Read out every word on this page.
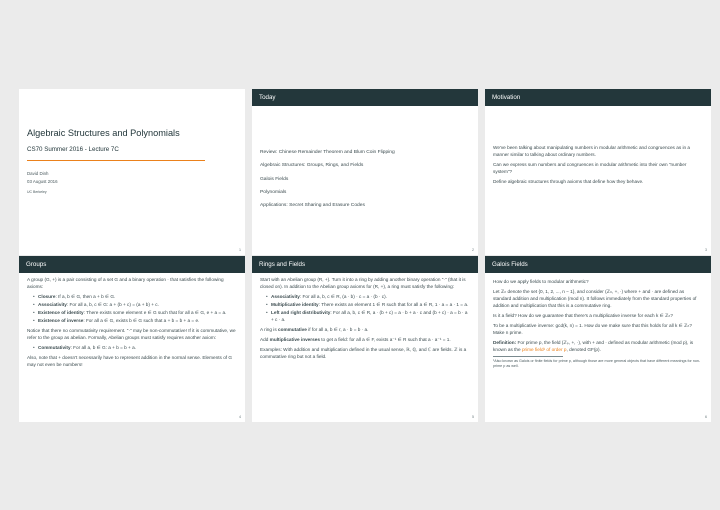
Algebraic Structures and Polynomials
CS70 Summer 2016 - Lecture 7C
David Dinh
03 August 2016
UC Berkeley
1
Today
Review: Chinese Remainder Theorem and Blum Coin Flipping
Algebraic Structures: Groups, Rings, and Fields
Galois Fields
Polynomials
Applications: Secret Sharing and Erasure Codes
2
Motivation

We've been talking about manipulating numbers in modular arithmetic and congruences as in a manner similar to talking about ordinary numbers.

Can we express sum numbers and congruences in modular arithmetic into their own "number system"?

Define algebraic structures through axioms that define how they behave.

3
Groups

A group (G, +) is a pair consisting of a set G and a binary operation · that satisfies the following axioms:

• Closure: If a, b ∈ G, then a + b ∈ G.
• Associativity: For all a, b, c ∈ G: a + (b + c) = (a + b) + c.
• Existence of identity: There exists some element e ∈ G such that for all a ∈ G, e + a = a.
• Existence of inverse: For all a ∈ G, exists b ∈ G such that a + b = b + a = e.

Notice that there no commutativity requirement. "·" may be non-commutative! If it is commutative, we refer to the group as abelian. Formally, Abelian groups must satisfy requires another axiom:

• Commutativity: For all a, b ∈ G: a + b = b + a.

Also, note that + doesn't necessarily have to represent addition in the normal sense. Elements of G may not even be numbers!

4
Rings and Fields

Start with an Abelian group (R, +). Turn it into a ring by adding another binary operation "·" (that it is closed on). In addition to the Abelian group axioms for (R, +), a ring must satisfy the following:

• Associativity: For all a, b, c ∈ R, (a · b) · c = a · (b · c).
• Multiplicative identity: There exists an element 1 ∈ R such that for all a ∈ R, 1 · a = a · 1 = a.
• Left and right distributivity: For all a, b, c ∈ R, a · (b + c) = a · b + a · c and (b + c) · a = b · a + c · a.

A ring is commutative if for all a, b ∈ r, a · b = b · a.

Add multiplicative inverses to get a field: for all a ∈ F, exists a⁻¹ ∈ R such that a · a⁻¹ = 1.

Examples: With addition and multiplication defined in the usual sense, ℝ, ℚ, and ℂ are fields. ℤ is a commutative ring but not a field.

5
Galois Fields

How do we apply fields to modular arithmetic?

Let ℤₙ denote the set {0, 1, 2, ..., n − 1}, and consider (ℤₙ, +, ·) where + and · are defined as standard addition and multiplication (mod n). It follows immediately from the standard properties of addition and multiplication that this is a commutative ring.

Is it a field? How do we guarantee that there's a multiplicative inverse for each k ∈ ℤₙ?

To be a multiplicative inverse: gcd(k, n) = 1. How do we make sure that this holds for all k ∈ ℤₙ? Make n prime.

Definition: For prime p, the field (ℤₚ, +, ·), with + and · defined as modular arithmetic (mod p), is known as the prime field¹ of order p, denoted GF(p).

¹Also known as Galois or finite fields for prime p, although those are more general objects that have different meanings for non-prime p as well.
6
